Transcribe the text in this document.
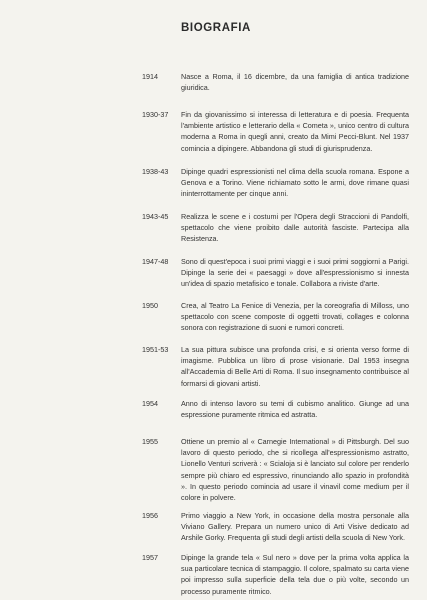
BIOGRAFIA
1914	Nasce a Roma, il 16 dicembre, da una famiglia di antica tradizione giuridica.
1930-37	Fin da giovanissimo si interessa di letteratura e di poesia. Frequenta l'ambiente artistico e letterario della « Cometa », unico centro di cultura moderna a Roma in quegli anni, creato da Mimi Pecci-Blunt. Nel 1937 comincia a dipingere. Abbandona gli studi di giurisprudenza.
1938-43	Dipinge quadri espressionisti nel clima della scuola romana. Espone a Genova e a Torino. Viene richiamato sotto le armi, dove rimane quasi ininterrottamente per cinque anni.
1943-45	Realizza le scene e i costumi per l'Opera degli Straccioni di Pandolfi, spettacolo che viene proibito dalle autorità fasciste. Partecipa alla Resistenza.
1947-48	Sono di quest'epoca i suoi primi viaggi e i suoi primi soggiorni a Parigi. Dipinge la serie dei « paesaggi » dove all'espressionismo si innesta un'idea di spazio metafisico e tonale. Collabora a riviste d'arte.
1950	Crea, al Teatro La Fenice di Venezia, per la coreografia di Milloss, uno spettacolo con scene composte di oggetti trovati, collages e colonna sonora con registrazione di suoni e rumori concreti.
1951-53	La sua pittura subisce una profonda crisi, e si orienta verso forme di imagisme. Pubblica un libro di prose visionarie. Dal 1953 insegna all'Accademia di Belle Arti di Roma. Il suo insegnamento contribuisce al formarsi di giovani artisti.
1954	Anno di intenso lavoro su temi di cubismo analitico. Giunge ad una espressione puramente ritmica ed astratta.
1955	Ottiene un premio al « Carnegie International » di Pittsburgh. Del suo lavoro di questo periodo, che si ricollega all'espressionismo astratto, Lionello Venturi scriverà : « Scialoja si è lanciato sul colore per renderlo sempre più chiaro ed espressivo, rinunciando allo spazio in profondità ». In questo periodo comincia ad usare il vinavil come medium per il colore in polvere.
1956	Primo viaggio a New York, in occasione della mostra personale alla Viviano Gallery. Prepara un numero unico di Arti Visive dedicato ad Arshile Gorky. Frequenta gli studi degli artisti della scuola di New York.
1957	Dipinge la grande tela « Sul nero » dove per la prima volta applica la sua particolare tecnica di stampaggio. Il colore, spalmato su carta viene poi impresso sulla superficie della tela due o più volte, secondo un processo puramente ritmico.
